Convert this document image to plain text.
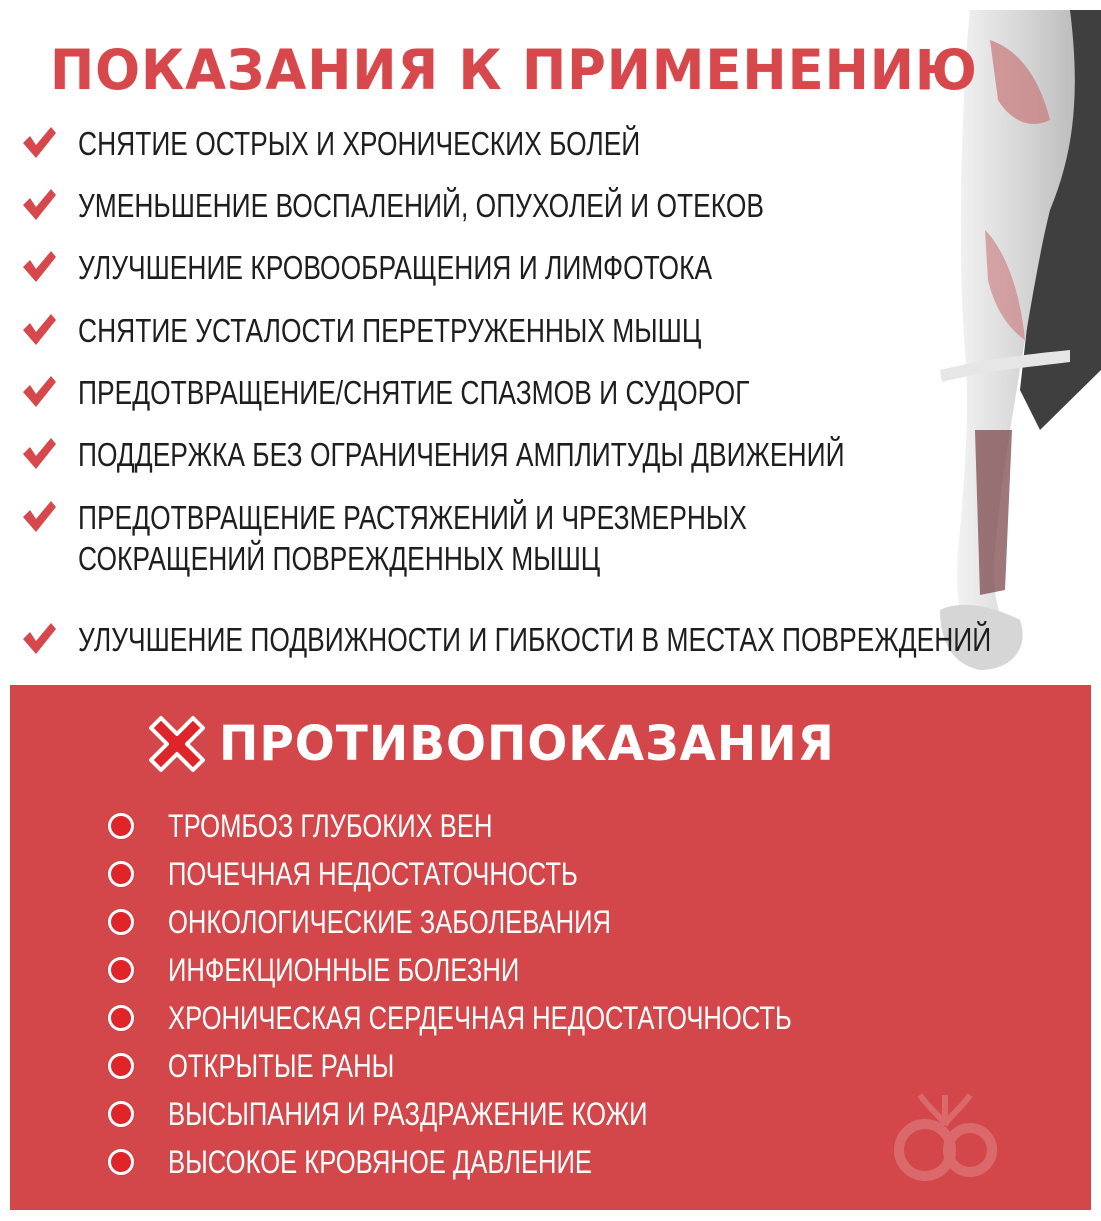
ПОКАЗАНИЯ К ПРИМЕНЕНИЮ
СНЯТИЕ ОСТРЫХ И ХРОНИЧЕСКИХ БОЛЕЙ
УМЕНЬШЕНИЕ ВОСПАЛЕНИЙ, ОПУХОЛЕЙ И ОТЕКОВ
УЛУЧШЕНИЕ КРОВООБРАЩЕНИЯ И ЛИМФОТОКА
СНЯТИЕ УСТАЛОСТИ ПЕРЕТРУЖЕННЫХ МЫШЦ
ПРЕДОТВРАЩЕНИЕ/СНЯТИЕ СПАЗМОВ И СУДОРОГ
ПОДДЕРЖКА БЕЗ ОГРАНИЧЕНИЯ АМПЛИТУДЫ ДВИЖЕНИЙ
ПРЕДОТВРАЩЕНИЕ РАСТЯЖЕНИЙ И ЧРЕЗМЕРНЫХ СОКРАЩЕНИЙ ПОВРЕЖДЕННЫХ МЫШЦ
УЛУЧШЕНИЕ ПОДВИЖНОСТИ И ГИБКОСТИ В МЕСТАХ ПОВРЕЖДЕНИЙ
ПРОТИВОПОКАЗАНИЯ
ТРОМБОЗ ГЛУБОКИХ ВЕН
ПОЧЕЧНАЯ НЕДОСТАТОЧНОСТЬ
ОНКОЛОГИЧЕСКИЕ ЗАБОЛЕВАНИЯ
ИНФЕКЦИОННЫЕ БОЛЕЗНИ
ХРОНИЧЕСКАЯ СЕРДЕЧНАЯ НЕДОСТАТОЧНОСТЬ
ОТКРЫТЫЕ РАНЫ
ВЫСЫПАНИЯ И РАЗДРАЖЕНИЕ КОЖИ
ВЫСОКОЕ КРОВЯНОЕ ДАВЛЕНИЕ
